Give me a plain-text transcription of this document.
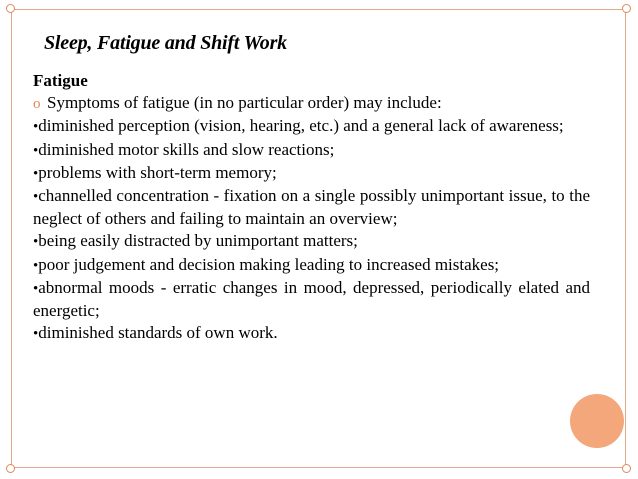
Sleep, Fatigue and Shift Work
Fatigue
o Symptoms of fatigue (in no particular order) may include:
•diminished perception (vision, hearing, etc.) and a general lack of awareness;
•diminished motor skills and slow reactions;
•problems with short-term memory;
•channelled concentration - fixation on a single possibly unimportant issue, to the neglect of others and failing to maintain an overview;
•being easily distracted by unimportant matters;
•poor judgement and decision making leading to increased mistakes;
•abnormal moods - erratic changes in mood, depressed, periodically elated and energetic;
•diminished standards of own work.
